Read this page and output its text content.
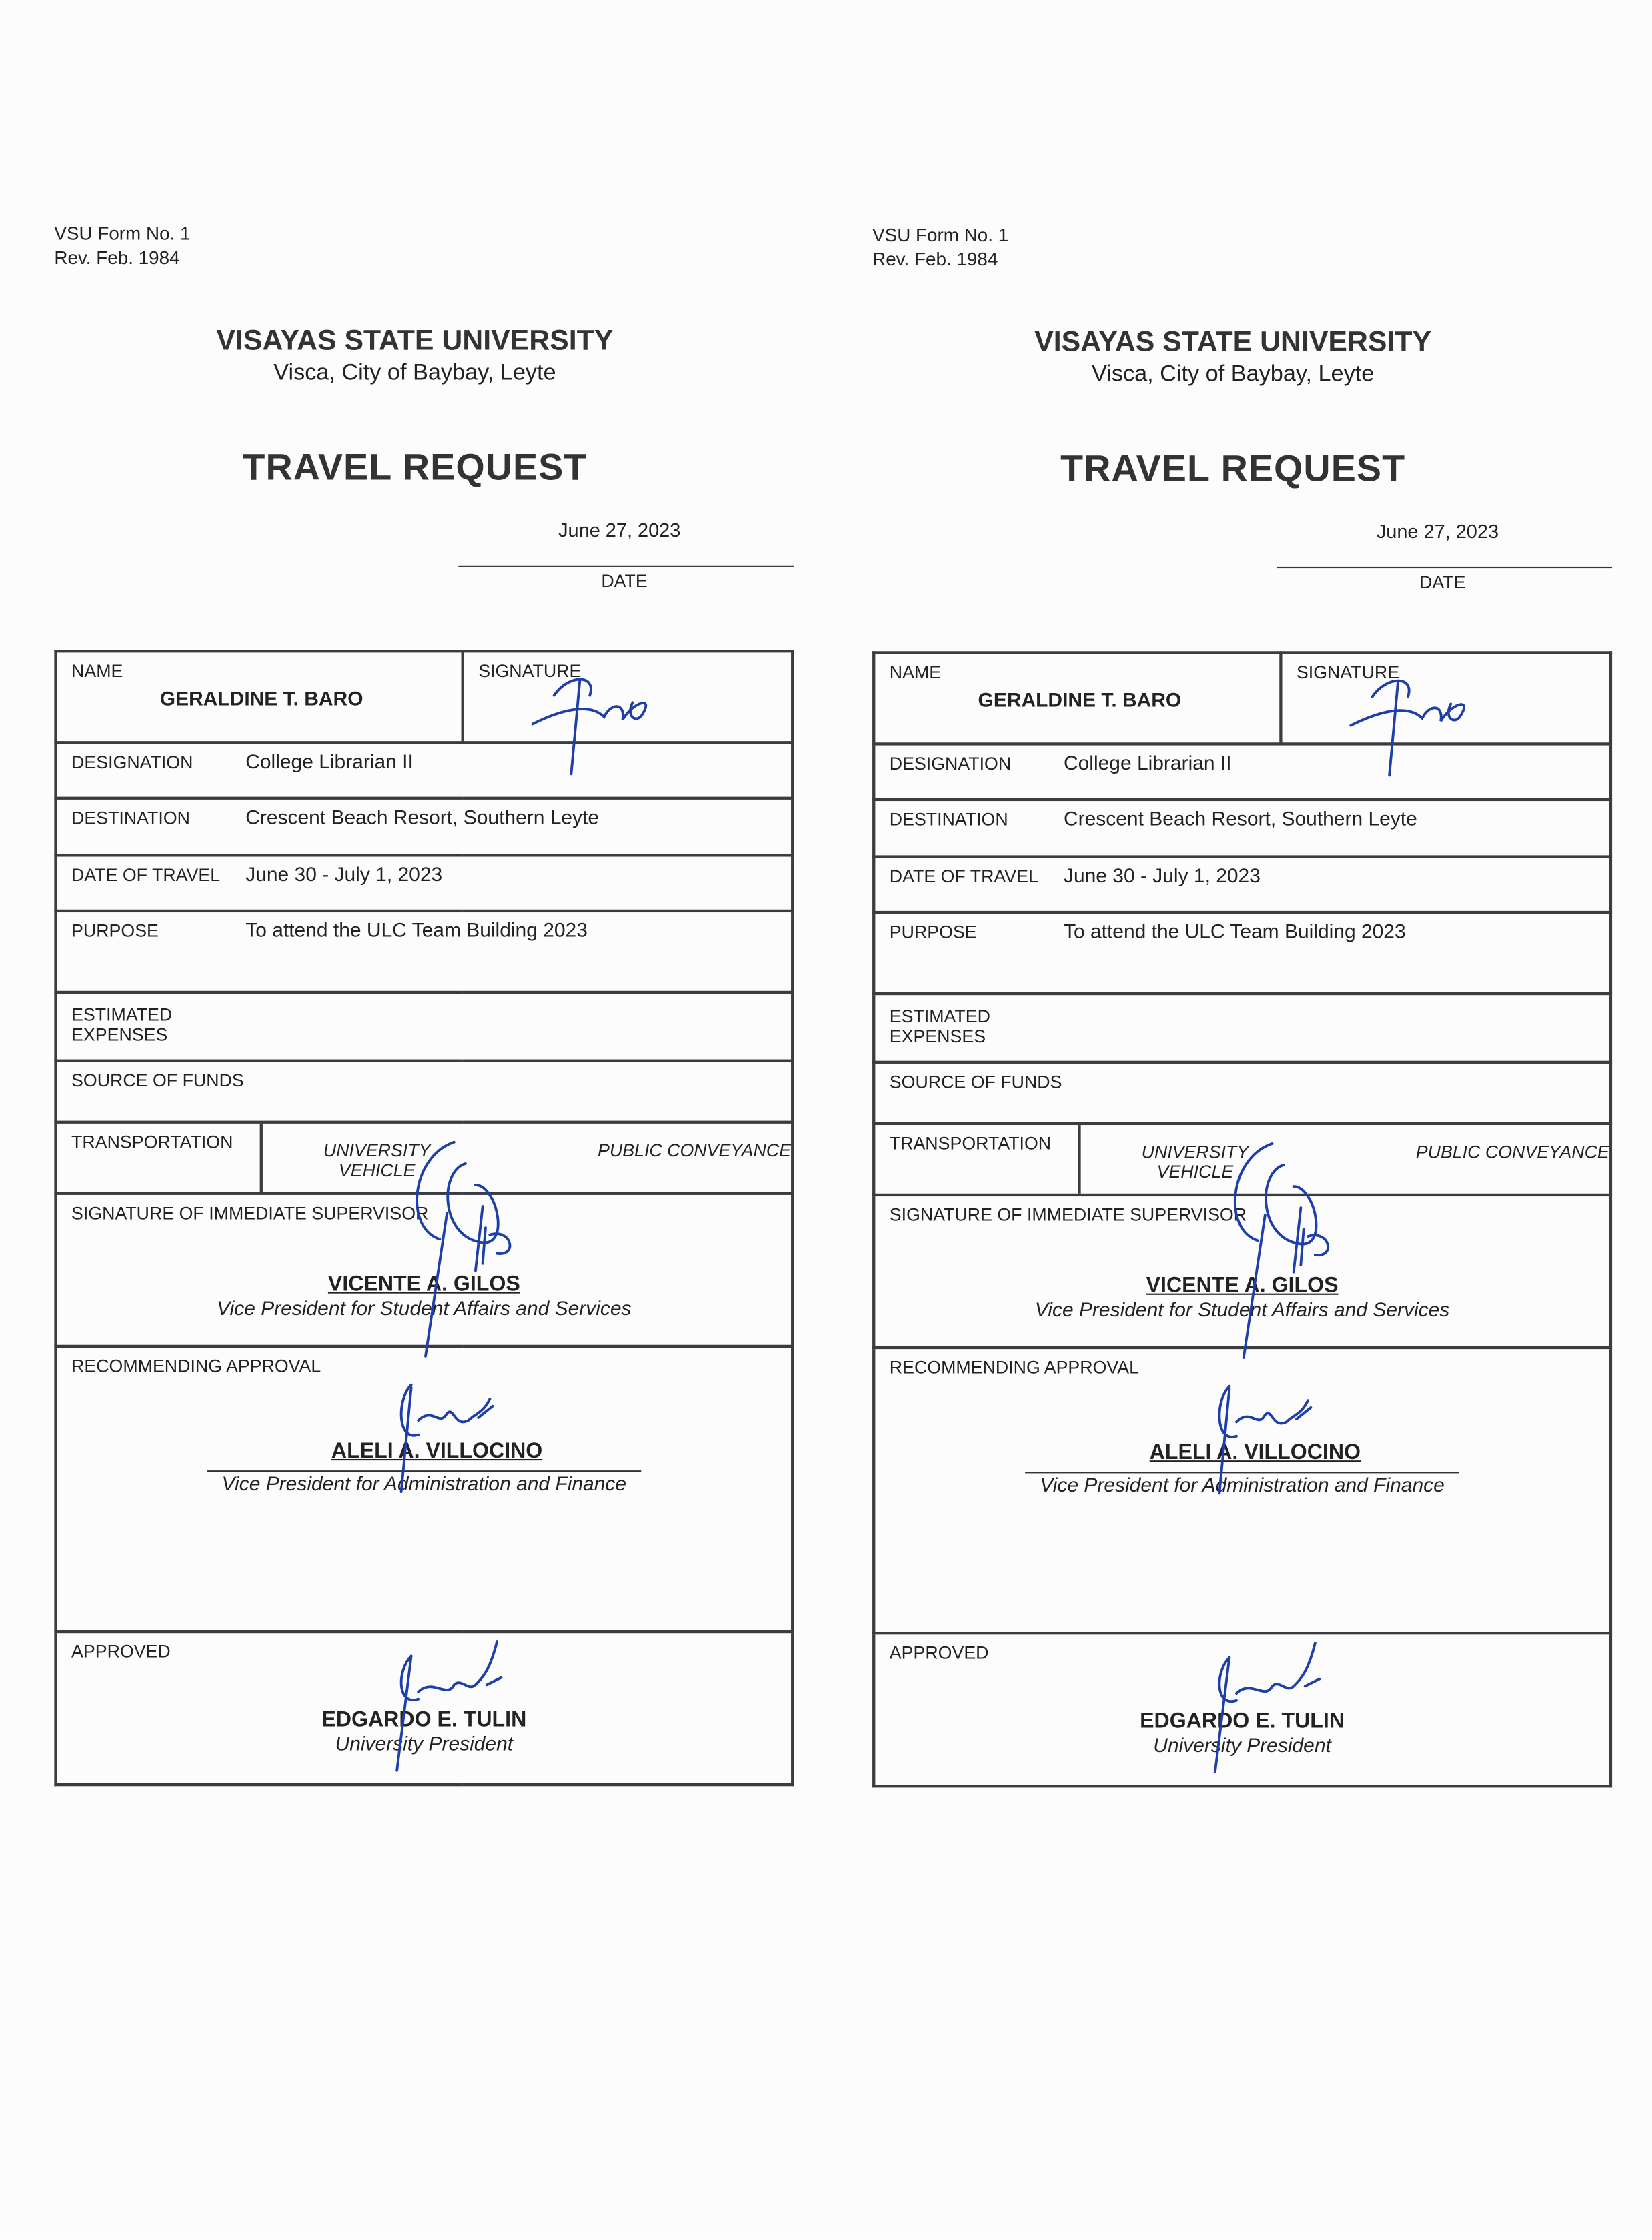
VSU Form No. 1
Rev. Feb. 1984
VISAYAS STATE UNIVERSITY
Visca, City of Baybay, Leyte
TRAVEL REQUEST
June 27, 2023
DATE
NAME
GERALDINE T. BARO

SIGNATURE

DESIGNATION	College Librarian II
DESTINATION	Crescent Beach Resort, Southern Leyte
DATE OF TRAVEL	June 30 - July 1, 2023
PURPOSE	To attend the ULC Team Building 2023

ESTIMATED
EXPENSES

SOURCE OF FUNDS

TRANSPORTATION	UNIVERSITY
VEHICLE
PUBLIC CONVEYANCE

SIGNATURE OF IMMEDIATE SUPERVISOR
VICENTE A. GILOS
Vice President for Student Affairs and Services

RECOMMENDING APPROVAL
ALELI A. VILLOCINO
Vice President for Administration and Finance

APPROVED
EDGARDO E. TULIN
University President
VSU Form No. 1
Rev. Feb. 1984
VISAYAS STATE UNIVERSITY
Visca, City of Baybay, Leyte
TRAVEL REQUEST
June 27, 2023
DATE
NAME
GERALDINE T. BARO

SIGNATURE

DESIGNATION	College Librarian II
DESTINATION	Crescent Beach Resort, Southern Leyte
DATE OF TRAVEL	June 30 - July 1, 2023
PURPOSE	To attend the ULC Team Building 2023

ESTIMATED
EXPENSES

SOURCE OF FUNDS

TRANSPORTATION	UNIVERSITY
VEHICLE
PUBLIC CONVEYANCE

SIGNATURE OF IMMEDIATE SUPERVISOR
VICENTE A. GILOS
Vice President for Student Affairs and Services

RECOMMENDING APPROVAL
ALELI A. VILLOCINO
Vice President for Administration and Finance

APPROVED
EDGARDO E. TULIN
University President
